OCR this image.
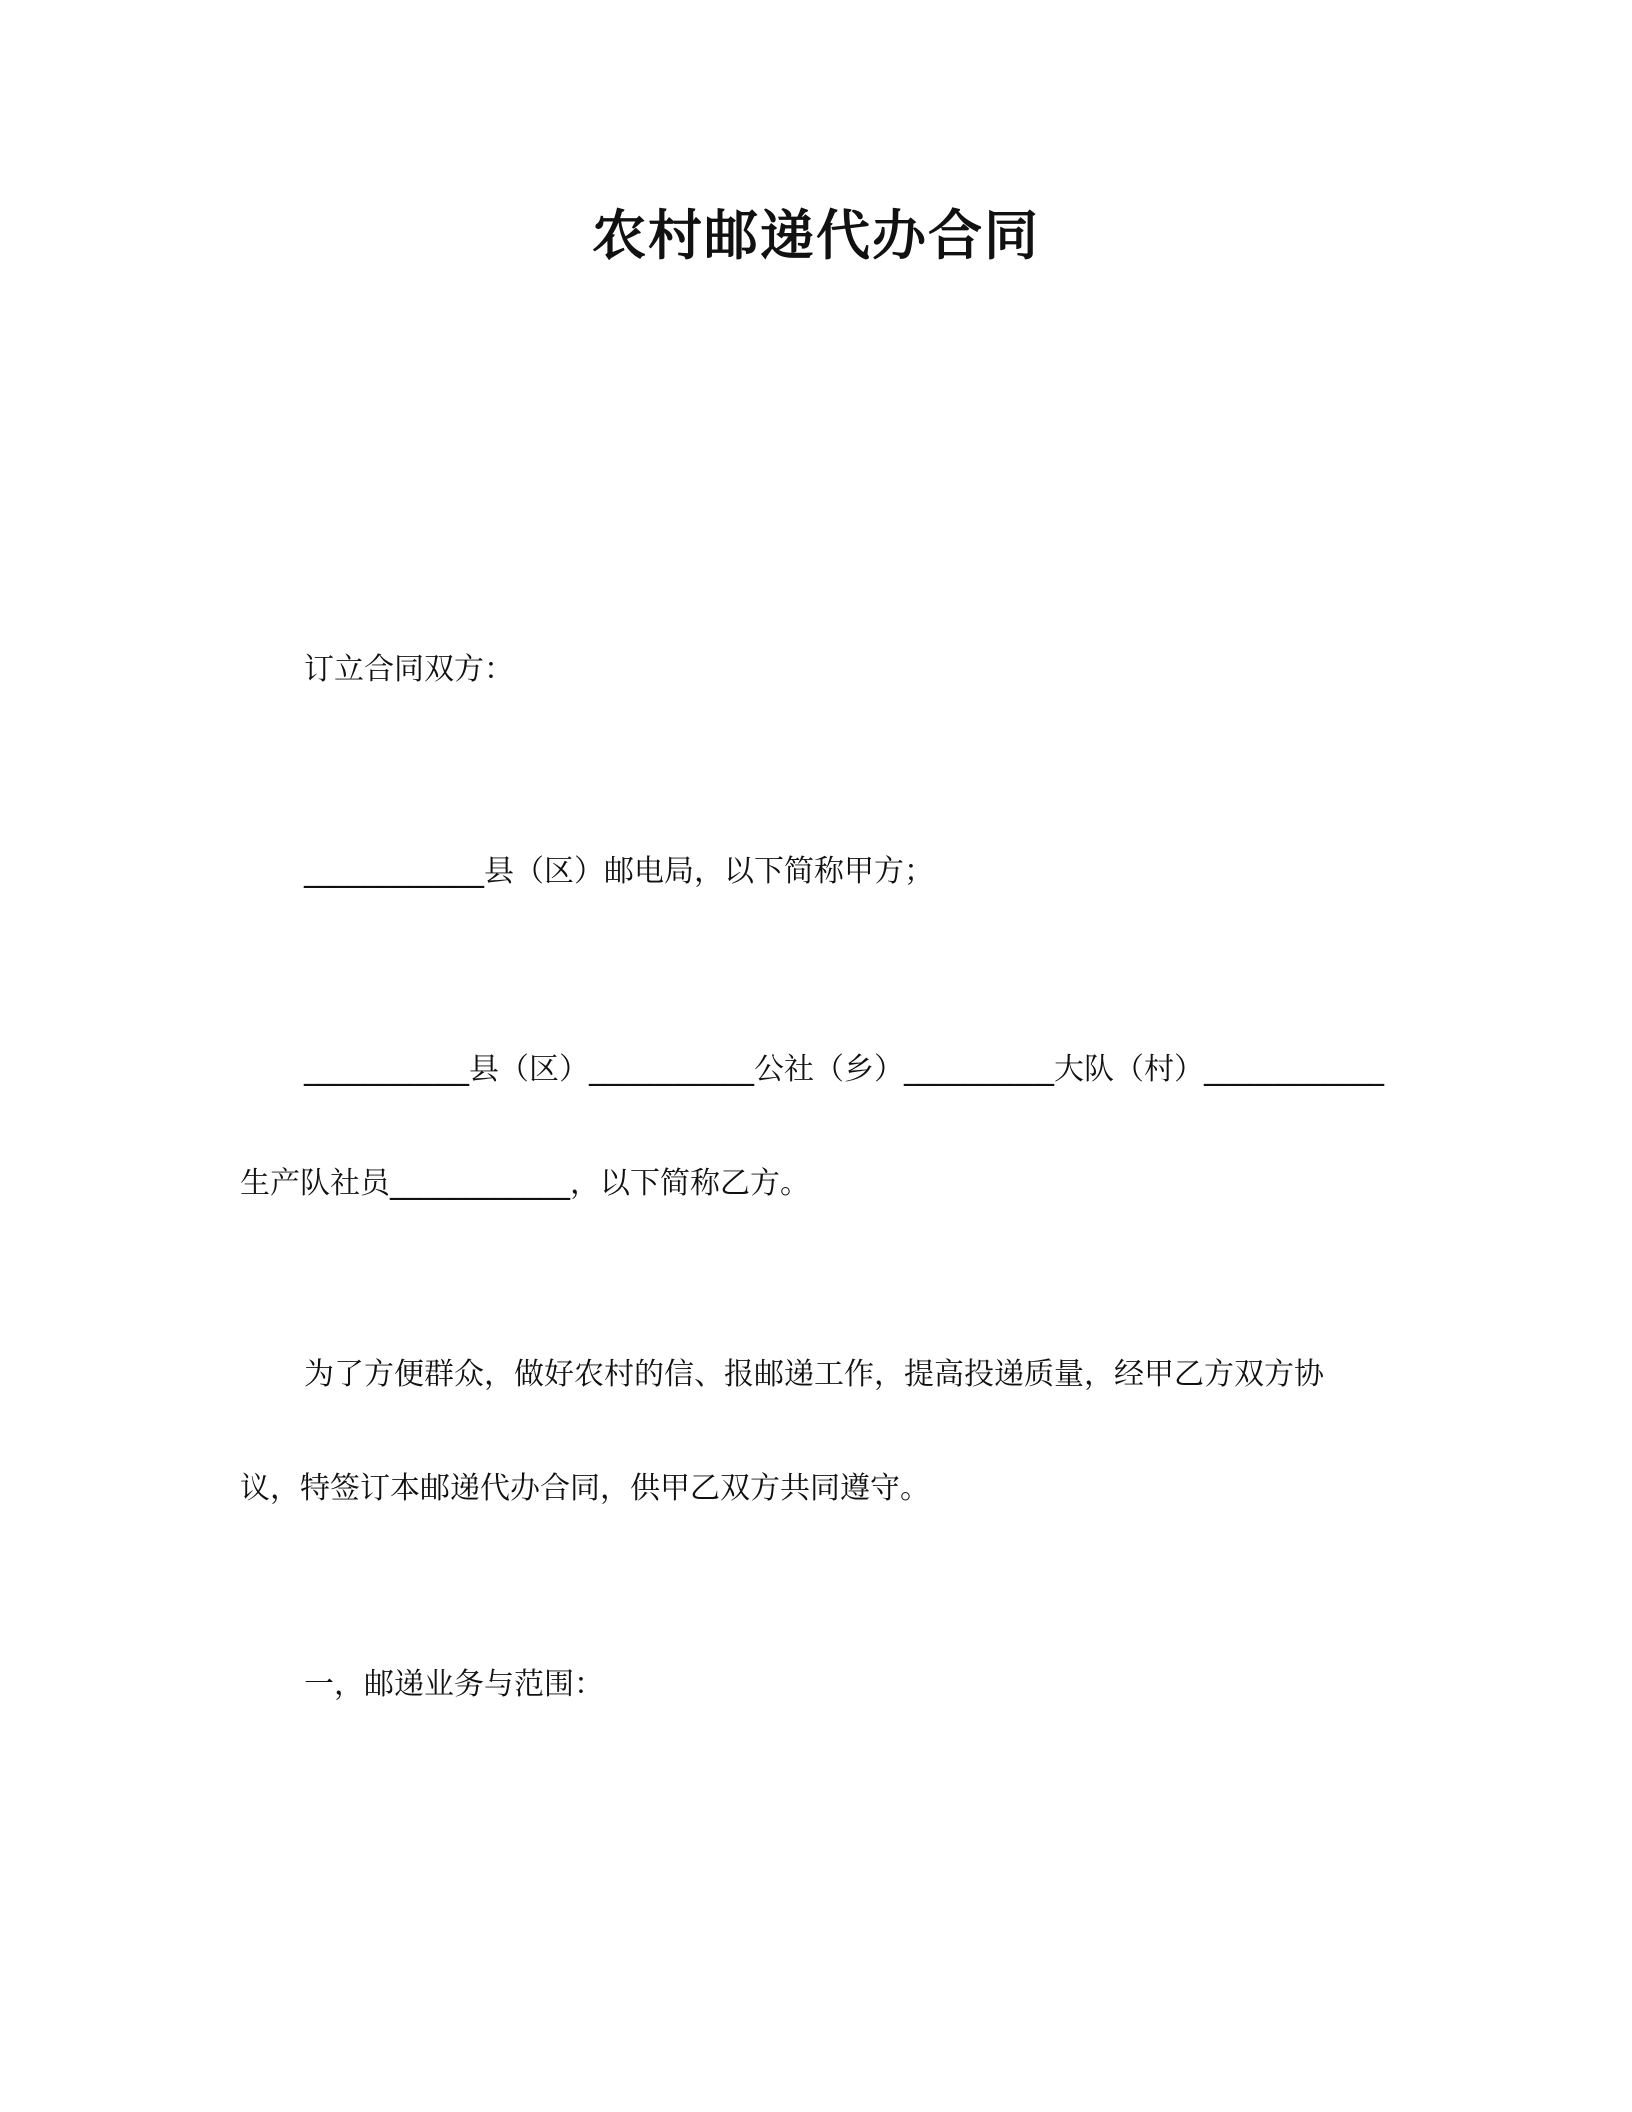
农村邮递代办合同

订立合同双方：

____________县（区）邮电局，以下简称甲方；

___________县（区）___________公社（乡）__________大队（村）____________

生产队社员____________，以下简称乙方。

为了方便群众，做好农村的信、报邮递工作，提高投递质量，经甲乙方双方协

议，特签订本邮递代办合同，供甲乙双方共同遵守。

一，邮递业务与范围：
